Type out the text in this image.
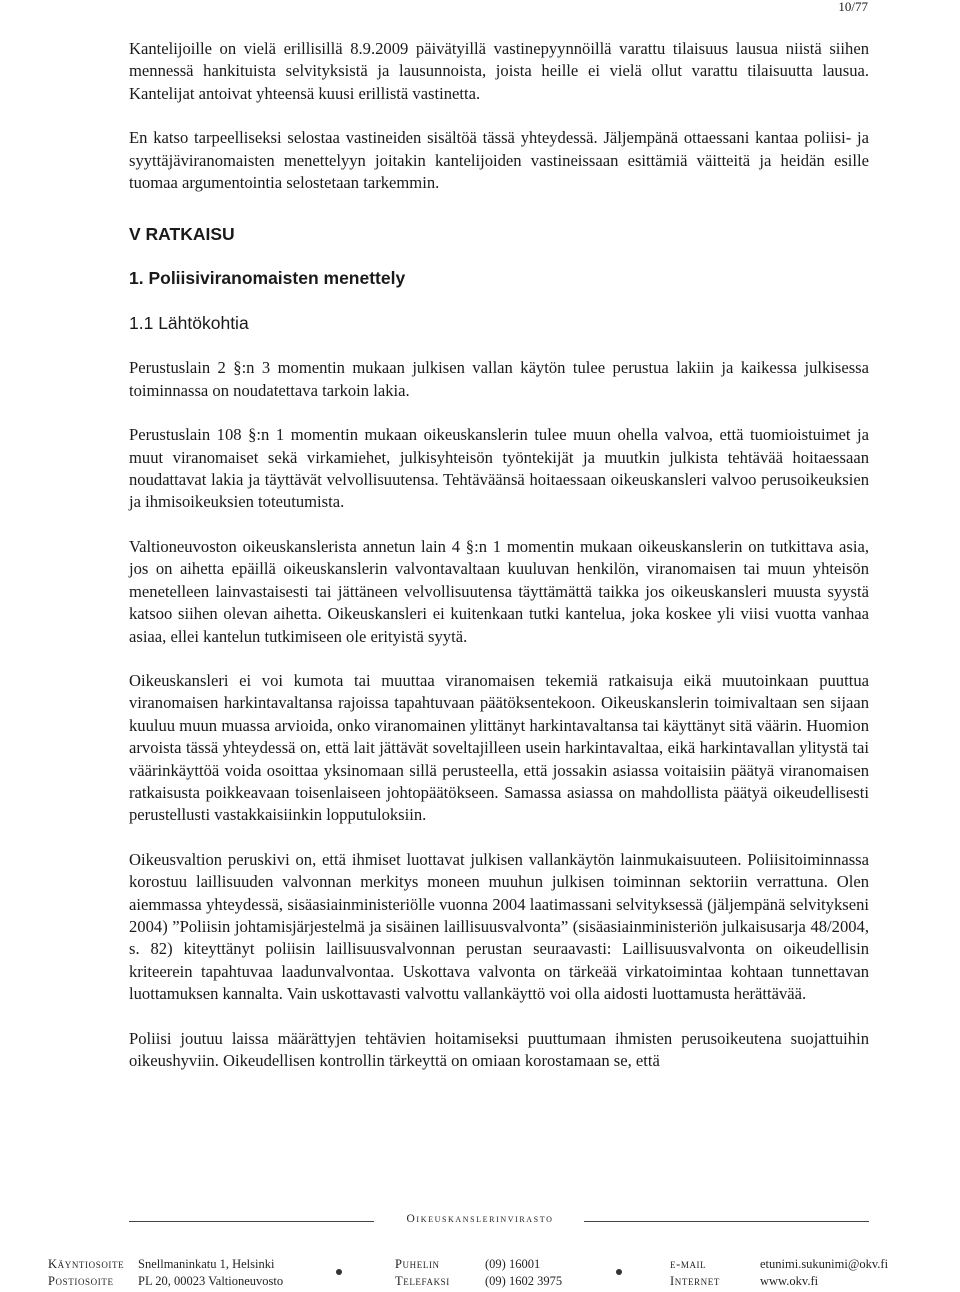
10/77

Kantelijoille on vielä erillisillä 8.9.2009 päivätyillä vastinepyynnöillä varattu tilaisuus lausua niistä siihen mennessä hankituista selvityksistä ja lausunnoista, joista heille ei vielä ollut varattu tilaisuutta lausua. Kantelijat antoivat yhteensä kuusi erillistä vastinetta.

En katso tarpeelliseksi selostaa vastineiden sisältöä tässä yhteydessä. Jäljempänä ottaessani kantaa poliisi- ja syyttäjäviranomaisten menettelyyn joitakin kantelijoiden vastineissaan esittämiä väitteitä ja heidän esille tuomaa argumentointia selostetaan tarkemmin.

V RATKAISU
1. Poliisiviranomaisten menettely
1.1 Lähtökohtia

Perustuslain 2 §:n 3 momentin mukaan julkisen vallan käytön tulee perustua lakiin ja kaikessa julkisessa toiminnassa on noudatettava tarkoin lakia.

Perustuslain 108 §:n 1 momentin mukaan oikeuskanslerin tulee muun ohella valvoa, että tuomioistuimet ja muut viranomaiset sekä virkamiehet, julkisyhteisön työntekijät ja muutkin julkista tehtävää hoitaessaan noudattavat lakia ja täyttävät velvollisuutensa. Tehtäväänsä hoitaessaan oikeuskansleri valvoo perusoikeuksien ja ihmisoikeuksien toteutumista.

Valtioneuvoston oikeuskanslerista annetun lain 4 §:n 1 momentin mukaan oikeuskanslerin on tutkittava asia, jos on aihetta epäillä oikeuskanslerin valvontavaltaan kuuluvan henkilön, viranomaisen tai muun yhteisön menetelleen lainvastaisesti tai jättäneen velvollisuutensa täyttämättä taikka jos oikeuskansleri muusta syystä katsoo siihen olevan aihetta. Oikeuskansleri ei kuitenkaan tutki kantelua, joka koskee yli viisi vuotta vanhaa asiaa, ellei kantelun tutkimiseen ole erityistä syytä.

Oikeuskansleri ei voi kumota tai muuttaa viranomaisen tekemiä ratkaisuja eikä muutoinkaan puuttua viranomaisen harkintavaltansa rajoissa tapahtuvaan päätöksentekoon. Oikeuskanslerin toimivaltaan sen sijaan kuuluu muun muassa arvioida, onko viranomainen ylittänyt harkintavaltansa tai käyttänyt sitä väärin. Huomion arvoista tässä yhteydessä on, että lait jättävät soveltajilleen usein harkintavaltaa, eikä harkintavallan ylitystä tai väärinkäyttöä voida osoittaa yksinomaan sillä perusteella, että jossakin asiassa voitaisiin päätyä viranomaisen ratkaisusta poikkeavaan toisenlaiseen johtopäätökseen. Samassa asiassa on mahdollista päätyä oikeudellisesti perustellusti vastakkaisiinkin lopputuloksiin.

Oikeusvaltion peruskivi on, että ihmiset luottavat julkisen vallankäytön lainmukaisuuteen. Poliisitoiminnassa korostuu laillisuuden valvonnan merkitys moneen muuhun julkisen toiminnan sektoriin verrattuna. Olen aiemmassa yhteydessä, sisäasiainministeriölle vuonna 2004 laatimassani selvityksessä (jäljempänä selvitykseni 2004) ”Poliisin johtamisjärjestelmä ja sisäinen laillisuusvalvonta” (sisäasiainministeriön julkaisusarja 48/2004, s. 82) kiteyttänyt poliisin laillisuusvalvonnan perustan seuraavasti: Laillisuusvalvonta on oikeudellisin kriteerein tapahtuvaa laadunvalvontaa. Uskottava valvonta on tärkeää virkatoimintaa kohtaan tunnettavan luottamuksen kannalta. Vain uskottavasti valvottu vallankäyttö voi olla aidosti luottamusta herättävää.

Poliisi joutuu laissa määrättyjen tehtävien hoitamiseksi puuttumaan ihmisten perusoikeutena suojattuihin oikeushyviin. Oikeudellisen kontrollin tärkeyttä on omiaan korostamaan se, että

Oikeuskanslerinvirasto
Käyntiosoite
Postiosoite
Snellmaninkatu 1, Helsinki
PL 20, 00023 Valtioneuvosto
Puhelin
Telefaksi
(09) 16001
(09) 1602 3975
e-mail
Internet
etunimi.sukunimi@okv.fi
www.okv.fi
